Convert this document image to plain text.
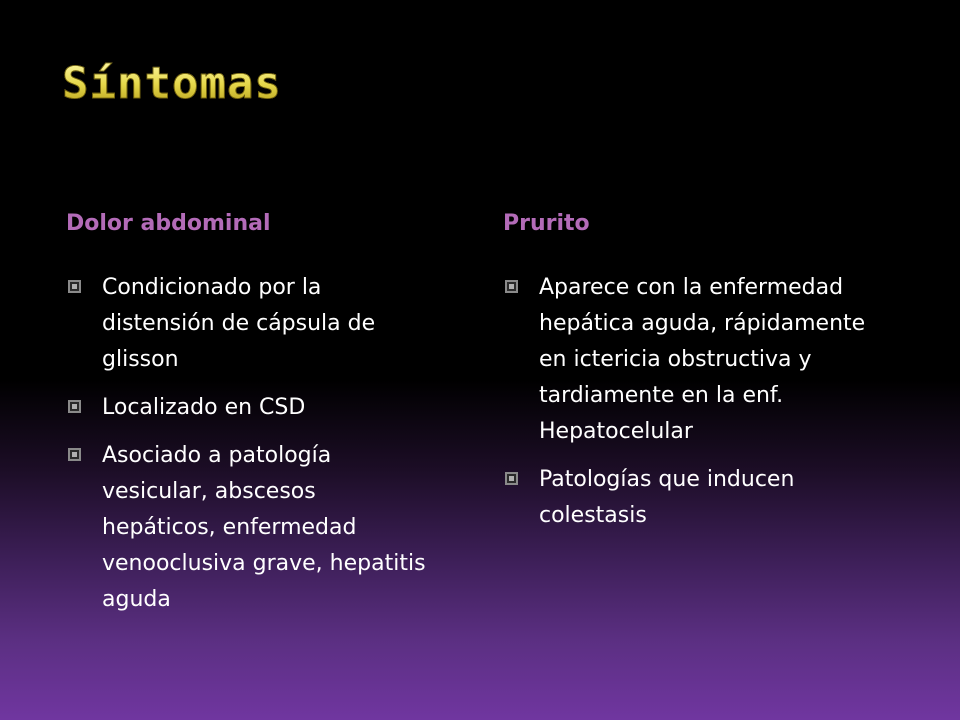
Síntomas
Dolor abdominal
Condicionado por la distensión de cápsula de glisson
Localizado en CSD
Asociado a patología vesicular, abscesos hepáticos, enfermedad venooclusiva grave, hepatitis aguda
Prurito
Aparece con la enfermedad hepática aguda, rápidamente en ictericia obstructiva y tardiamente en la enf. Hepatocelular
Patologías que inducen colestasis
